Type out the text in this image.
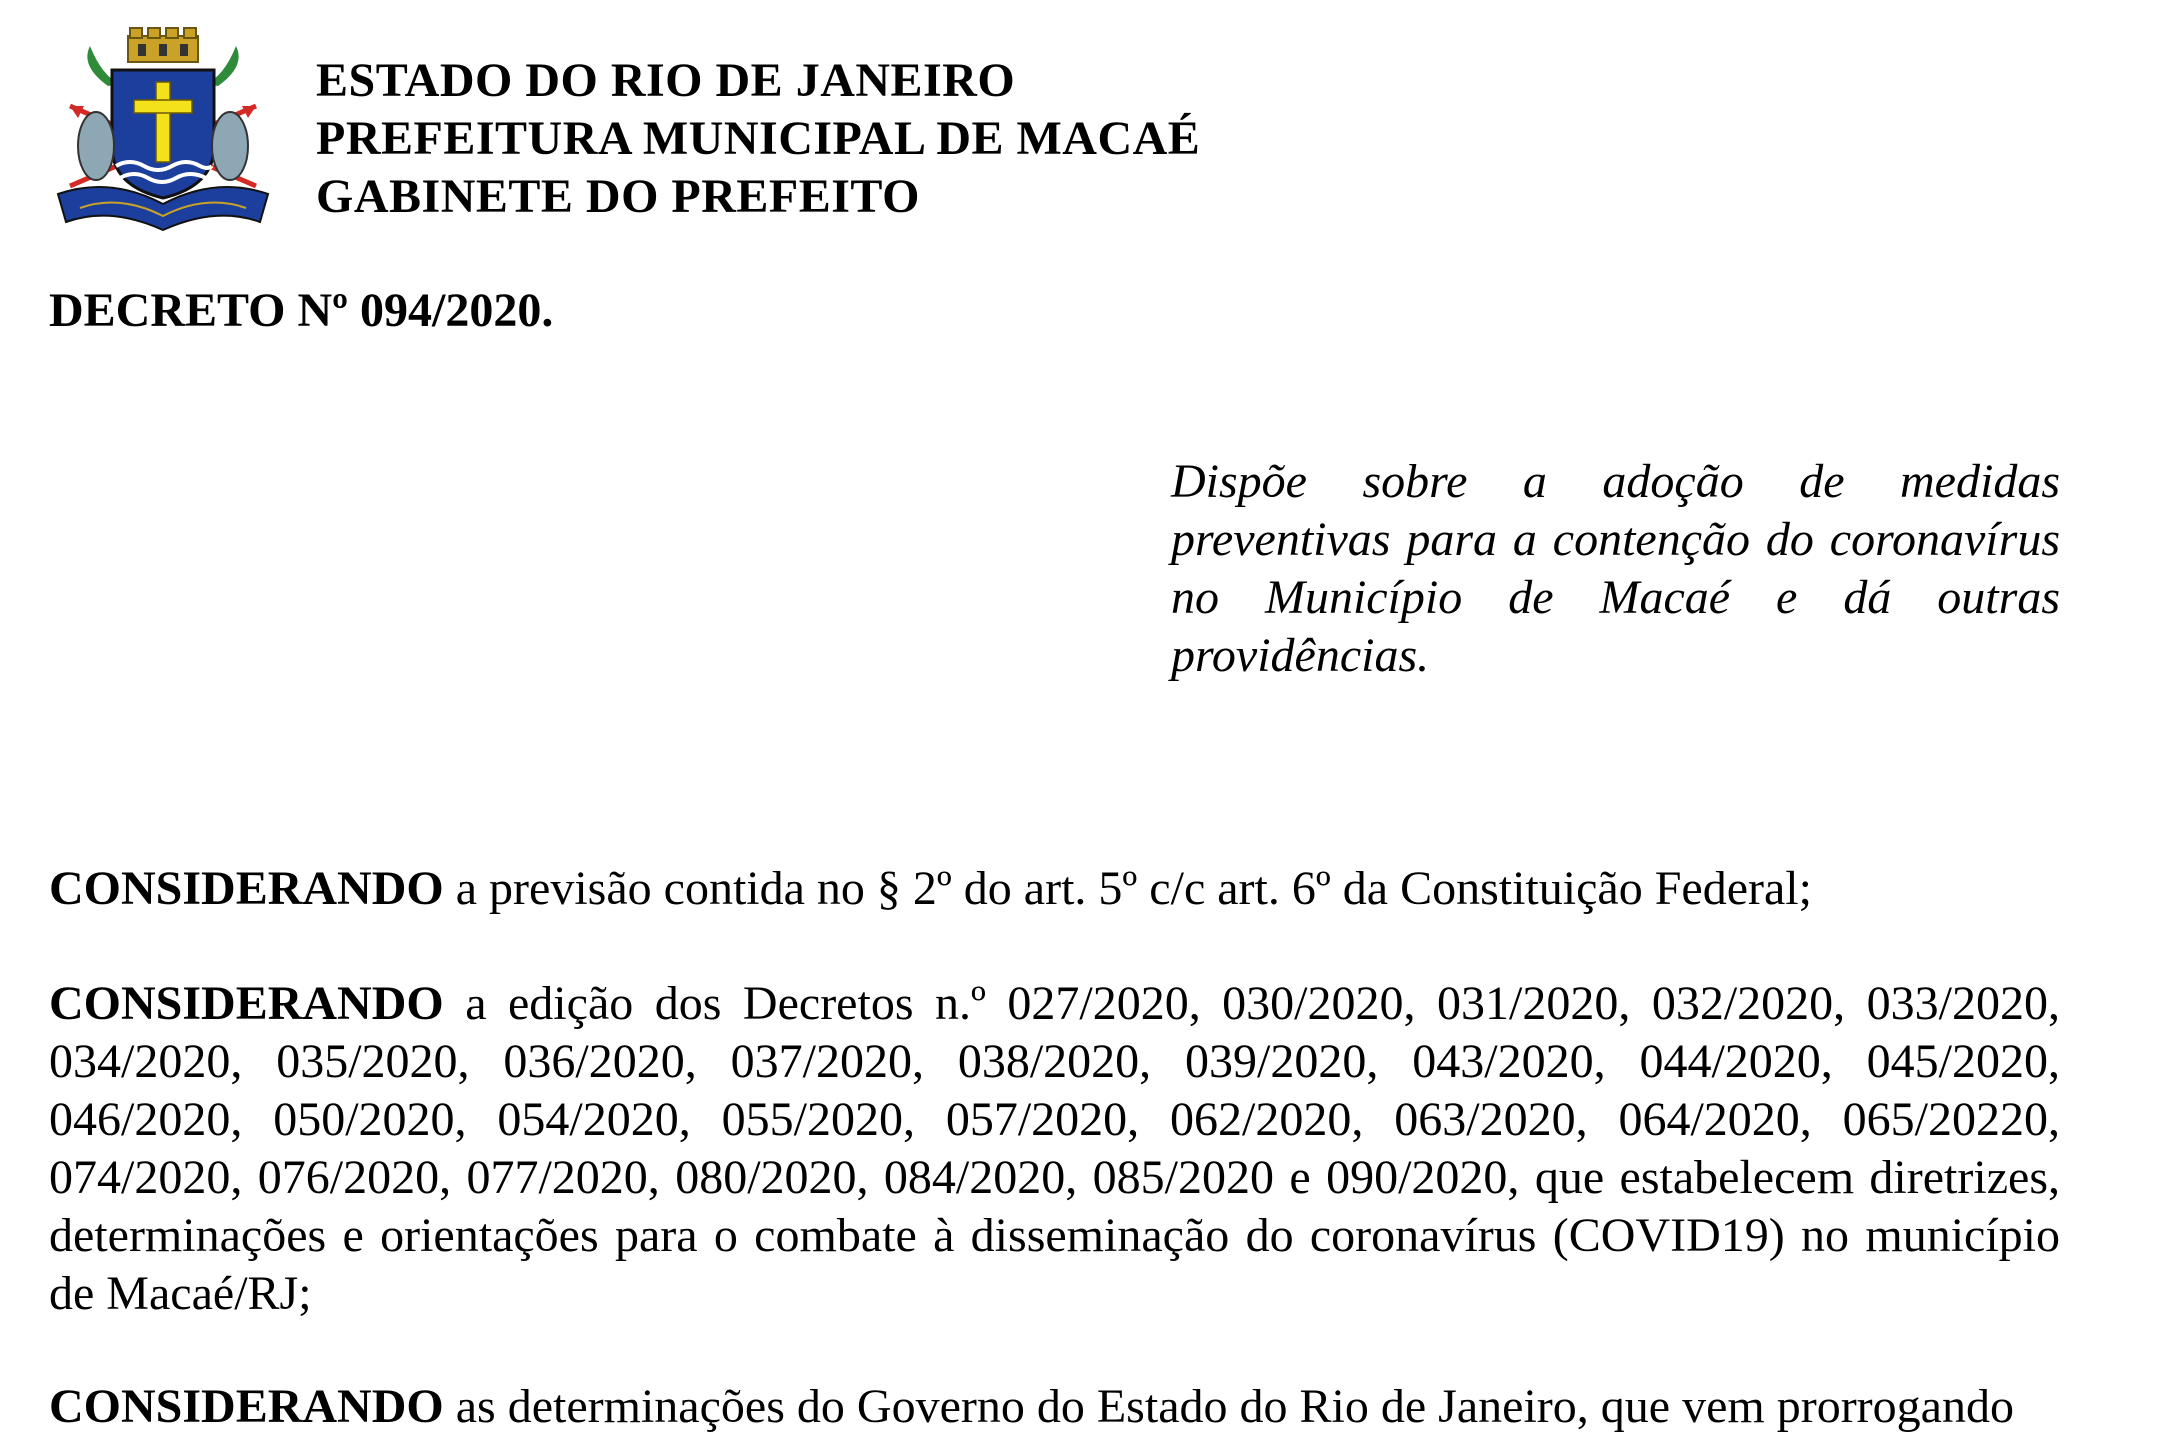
ESTADO DO RIO DE JANEIRO
PREFEITURA MUNICIPAL DE MACAÉ
GABINETE DO PREFEITO
DECRETO Nº 094/2020.
Dispõe sobre a adoção de medidas preventivas para a contenção do coronavírus no Município de Macaé e dá outras providências.
CONSIDERANDO a previsão contida no § 2º do art. 5º c/c art. 6º da Constituição Federal;
CONSIDERANDO a edição dos Decretos n.º 027/2020, 030/2020, 031/2020, 032/2020, 033/2020, 034/2020, 035/2020, 036/2020, 037/2020, 038/2020, 039/2020, 043/2020, 044/2020, 045/2020, 046/2020, 050/2020, 054/2020, 055/2020, 057/2020, 062/2020, 063/2020, 064/2020, 065/20220, 074/2020, 076/2020, 077/2020, 080/2020, 084/2020, 085/2020 e 090/2020, que estabelecem diretrizes, determinações e orientações para o combate à disseminação do coronavírus (COVID19) no município de Macaé/RJ;
CONSIDERANDO as determinações do Governo do Estado do Rio de Janeiro, que vem prorrogando
